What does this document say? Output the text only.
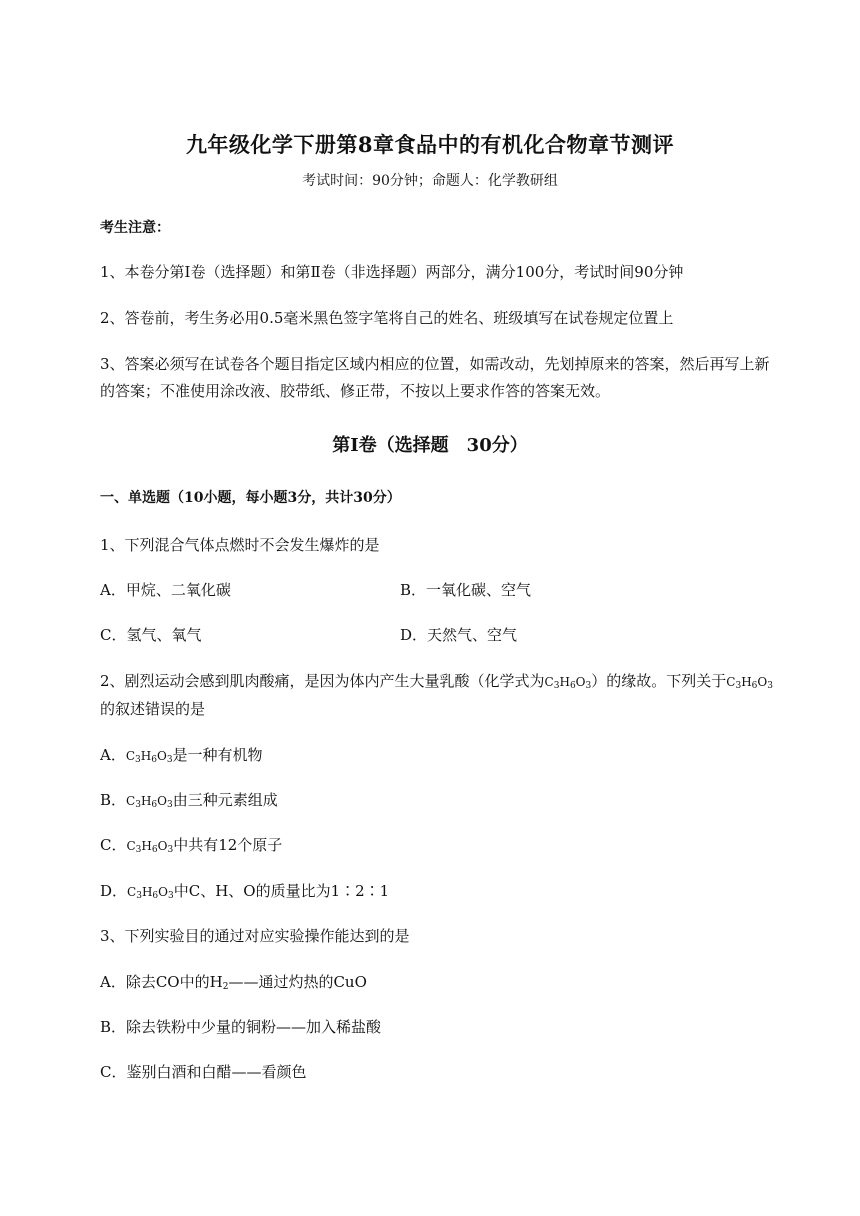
九年级化学下册第8章食品中的有机化合物章节测评
考试时间：90分钟；命题人：化学教研组
考生注意：
1、本卷分第I卷（选择题）和第Ⅱ卷（非选择题）两部分，满分100分，考试时间90分钟
2、答卷前，考生务必用0.5毫米黑色签字笔将自己的姓名、班级填写在试卷规定位置上
3、答案必须写在试卷各个题目指定区域内相应的位置，如需改动，先划掉原来的答案，然后再写上新
的答案；不准使用涂改液、胶带纸、修正带，不按以上要求作答的答案无效。
第I卷（选择题　30分）
一、单选题（10小题，每小题3分，共计30分）
1、下列混合气体点燃时不会发生爆炸的是
A．甲烷、二氧化碳	B．一氧化碳、空气
C．氢气、氧气	D．天然气、空气
2、剧烈运动会感到肌肉酸痛，是因为体内产生大量乳酸（化学式为$C_3H_6O_3$）的缘故。下列关于$C_3H_6O_3$
的叙述错误的是
A．$C_3H_6O_3$是一种有机物
B．$C_3H_6O_3$由三种元素组成
C．$C_3H_6O_3$中共有12个原子
D．$C_3H_6O_3$中C、H、O的质量比为1∶2∶1
3、下列实验目的通过对应实验操作能达到的是
A．除去CO中的$H_2——$通过灼热的CuO
B．除去铁粉中少量的铜粉——加入稀盐酸
C．鉴别白酒和白醋——看颜色
